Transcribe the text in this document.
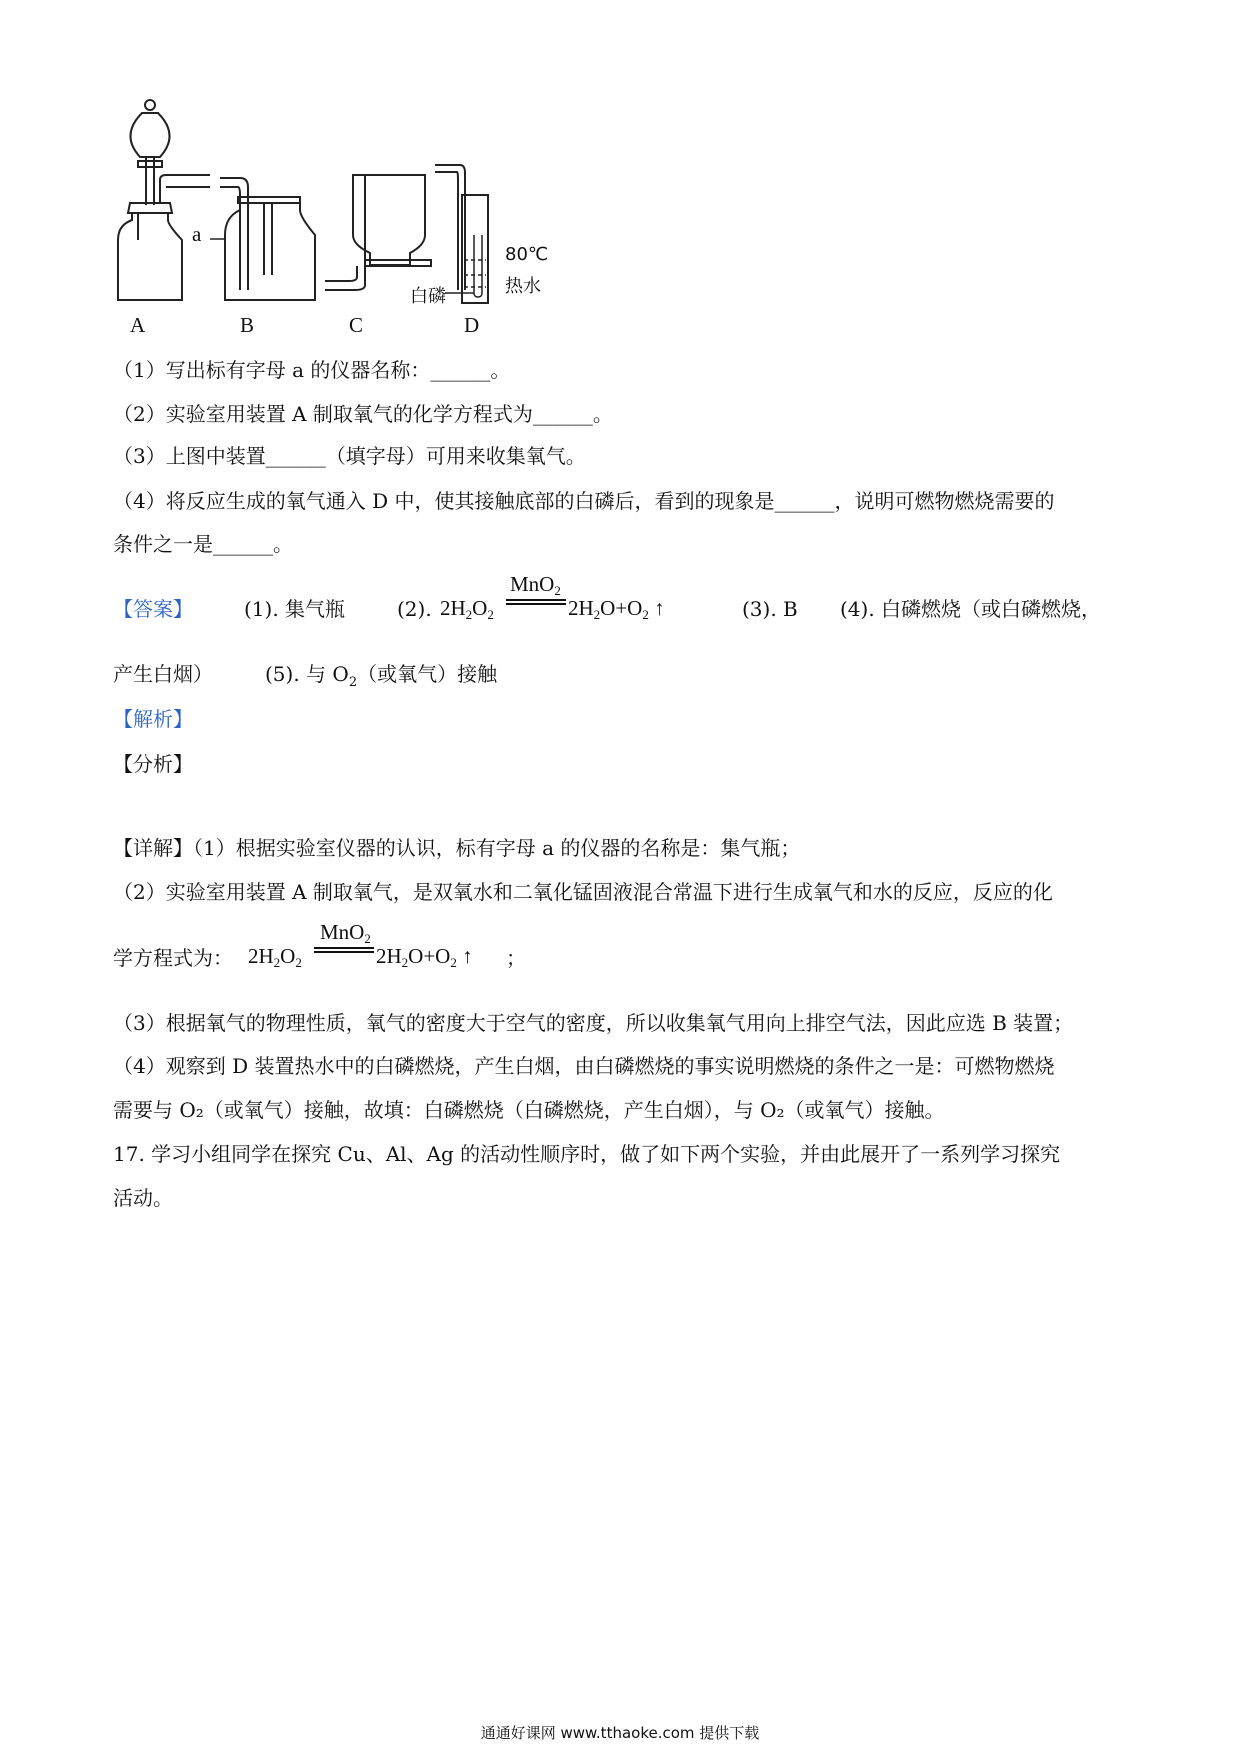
a
80℃
热水
白磷
A	B	C	D
（1）写出标有字母 a 的仪器名称：______。
（2）实验室用装置 A 制取氧气的化学方程式为______。
（3）上图中装置______（填字母）可用来收集氧气。
（4）将反应生成的氧气通入 D 中，使其接触底部的白磷后，看到的现象是______，说明可燃物燃烧需要的
条件之一是______。
【答案】	(1). 集气瓶	(2).
MnO$_2$
$2H_2O_2$	$2H_2O+O_2$ ↑	(3). B (4). 白磷燃烧（或白磷燃烧，
产生白烟）	(5). 与 $O_2$（或氧气）接触
【解析】
【分析】
【详解】（1）根据实验室仪器的认识，标有字母 a 的仪器的名称是：集气瓶；
（2）实验室用装置 A 制取氧气，是双氧水和二氧化锰固液混合常温下进行生成氧气和水的反应，反应的化
学方程式为：
MnO$_2$
$2H_2O_2$	$2H_2O+O_2$ ↑ ；
（3）根据氧气的物理性质，氧气的密度大于空气的密度，所以收集氧气用向上排空气法，因此应选 B 装置；
（4）观察到 D 装置热水中的白磷燃烧，产生白烟，由白磷燃烧的事实说明燃烧的条件之一是：可燃物燃烧
需要与 O₂（或氧气）接触，故填：白磷燃烧（白磷燃烧，产生白烟），与 O₂（或氧气）接触。
17. 学习小组同学在探究 Cu、Al、Ag 的活动性顺序时，做了如下两个实验，并由此展开了一系列学习探究
活动。
通通好课网 www.tthaoke.com 提供下载
